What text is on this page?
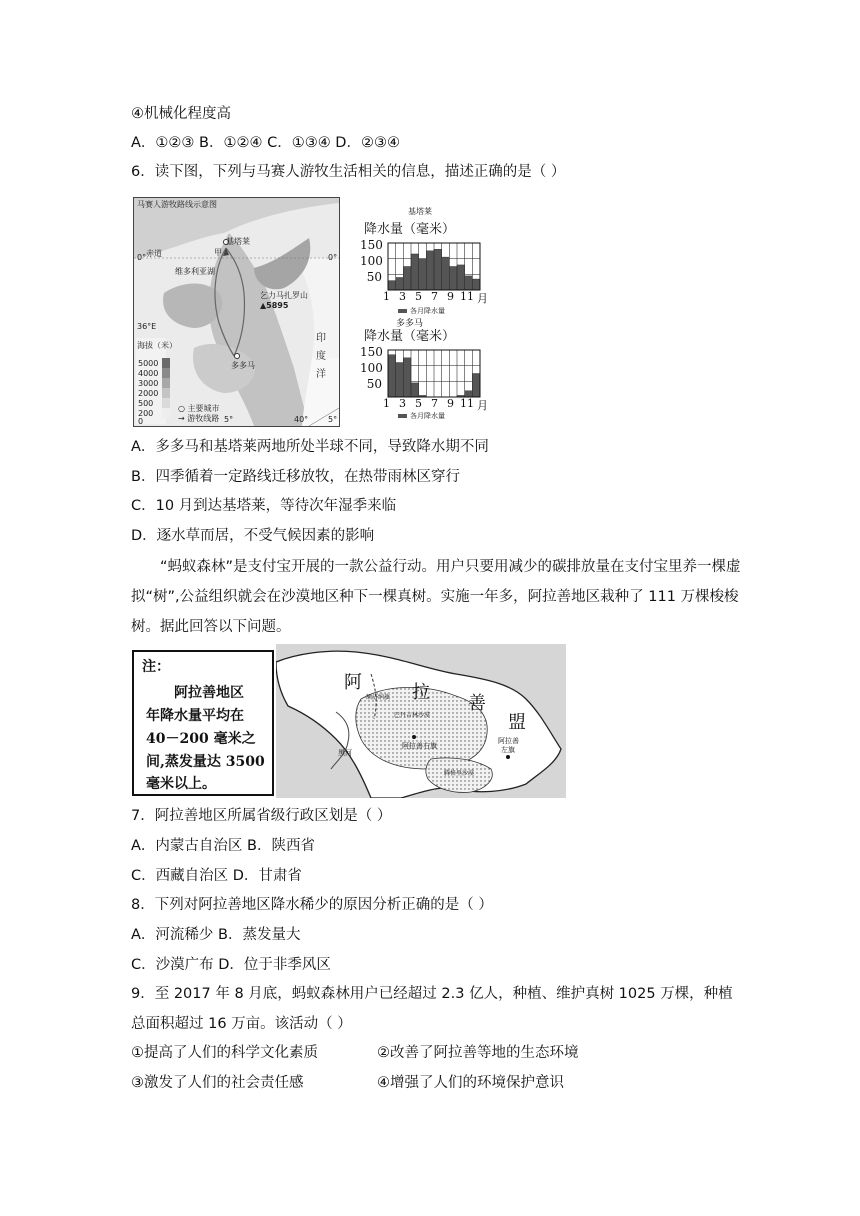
④机械化程度高
A．①②③ B．①②④ C．①③④ D．②③④
6．读下图，下列与马赛人游牧生活相关的信息，描述正确的是（ ）
马赛人游牧路线示意图
基塔莱
甲
0° 赤道	0°
维多利亚湖
乞力马扎罗山
▲5895
36°E
海拔（米）
5000
4000
3000
2000
500
200
0
多多马
印度洋
○ 主要城市
→ 游牧线路 5°	40° 5°
基塔莱
降水量（毫米）
150
100
50
1 3 5 7 9 11 月
各月降水量
多多马
降水量（毫米）
150
100
50
1 3 5 7 9 11 月
各月降水量
A．多多马和基塔莱两地所处半球不同，导致降水期不同
B．四季循着一定路线迁移放牧，在热带雨林区穿行
C．10 月到达基塔莱，等待次年湿季来临
D．逐水草而居，不受气候因素的影响
“蚂蚁森林”是支付宝开展的一款公益行动。用户只要用减少的碳排放量在支付宝里养一棵虚拟“树”,公益组织就会在沙漠地区种下一棵真树。实施一年多，阿拉善地区栽种了 111 万棵梭梭树。据此回答以下问题。
注：
阿拉善地区
年降水量平均在
40－200 毫米之
间,蒸发量达 3500
毫米以上。
阿	拉
善
盟
巴丹吉林沙漠
阿拉善右旗
阿拉善
左旗
腾格里沙漠
黑河
额济纳旗
7．阿拉善地区所属省级行政区划是（ ）
A．内蒙古自治区 B．陕西省
C．西藏自治区 D．甘肃省
8．下列对阿拉善地区降水稀少的原因分析正确的是（ ）
A．河流稀少 B．蒸发量大
C．沙漠广布 D．位于非季风区
9．至 2017 年 8 月底，蚂蚁森林用户已经超过 2.3 亿人，种植、维护真树 1025 万棵，种植总面积超过 16 万亩。该活动（ ）
①提高了人们的科学文化素质	②改善了阿拉善等地的生态环境
③激发了人们的社会责任感	④增强了人们的环境保护意识
